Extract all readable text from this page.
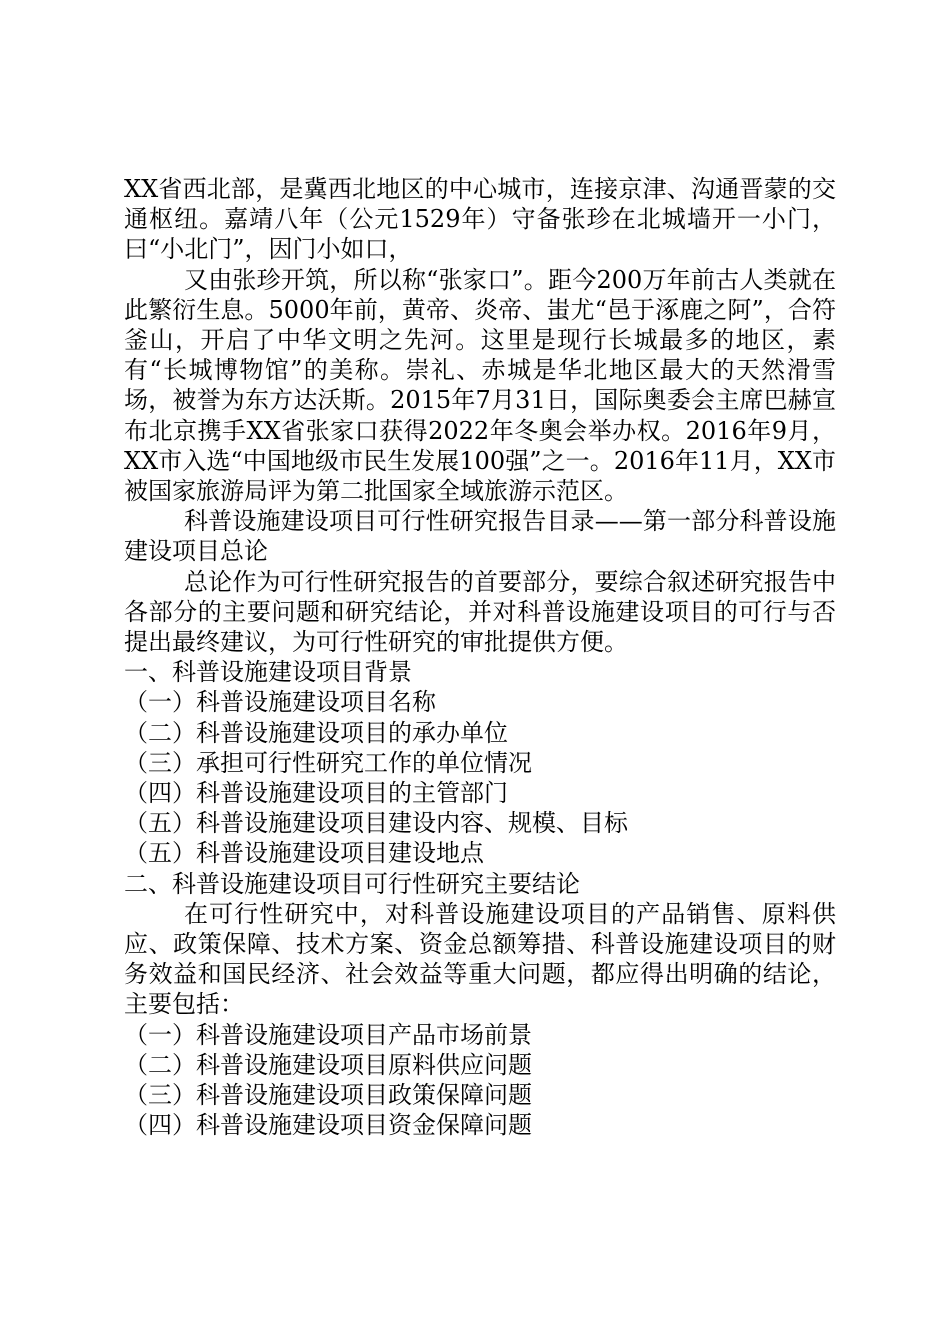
XX省西北部，是冀西北地区的中心城市，连接京津、沟通晋蒙的交通枢纽。嘉靖八年（公元1529年）守备张珍在北城墙开一小门，曰“小北门”，因门小如口，

又由张珍开筑，所以称“张家口”。距今200万年前古人类就在此繁衍生息。5000年前，黄帝、炎帝、蚩尤“邑于涿鹿之阿”，合符釜山，开启了中华文明之先河。这里是现行长城最多的地区，素有“长城博物馆”的美称。崇礼、赤城是华北地区最大的天然滑雪场，被誉为东方达沃斯。2015年7月31日，国际奥委会主席巴赫宣布北京携手XX省张家口获得2022年冬奥会举办权。2016年9月，XX市入选“中国地级市民生发展100强”之一。2016年11月，XX市被国家旅游局评为第二批国家全域旅游示范区。

科普设施建设项目可行性研究报告目录——第一部分科普设施建设项目总论

总论作为可行性研究报告的首要部分，要综合叙述研究报告中各部分的主要问题和研究结论，并对科普设施建设项目的可行与否提出最终建议，为可行性研究的审批提供方便。

一、科普设施建设项目背景

（一）科普设施建设项目名称

（二）科普设施建设项目的承办单位

（三）承担可行性研究工作的单位情况

（四）科普设施建设项目的主管部门

（五）科普设施建设项目建设内容、规模、目标

（五）科普设施建设项目建设地点

二、科普设施建设项目可行性研究主要结论

在可行性研究中，对科普设施建设项目的产品销售、原料供应、政策保障、技术方案、资金总额筹措、科普设施建设项目的财务效益和国民经济、社会效益等重大问题，都应得出明确的结论，主要包括：

（一）科普设施建设项目产品市场前景

（二）科普设施建设项目原料供应问题

（三）科普设施建设项目政策保障问题

（四）科普设施建设项目资金保障问题
